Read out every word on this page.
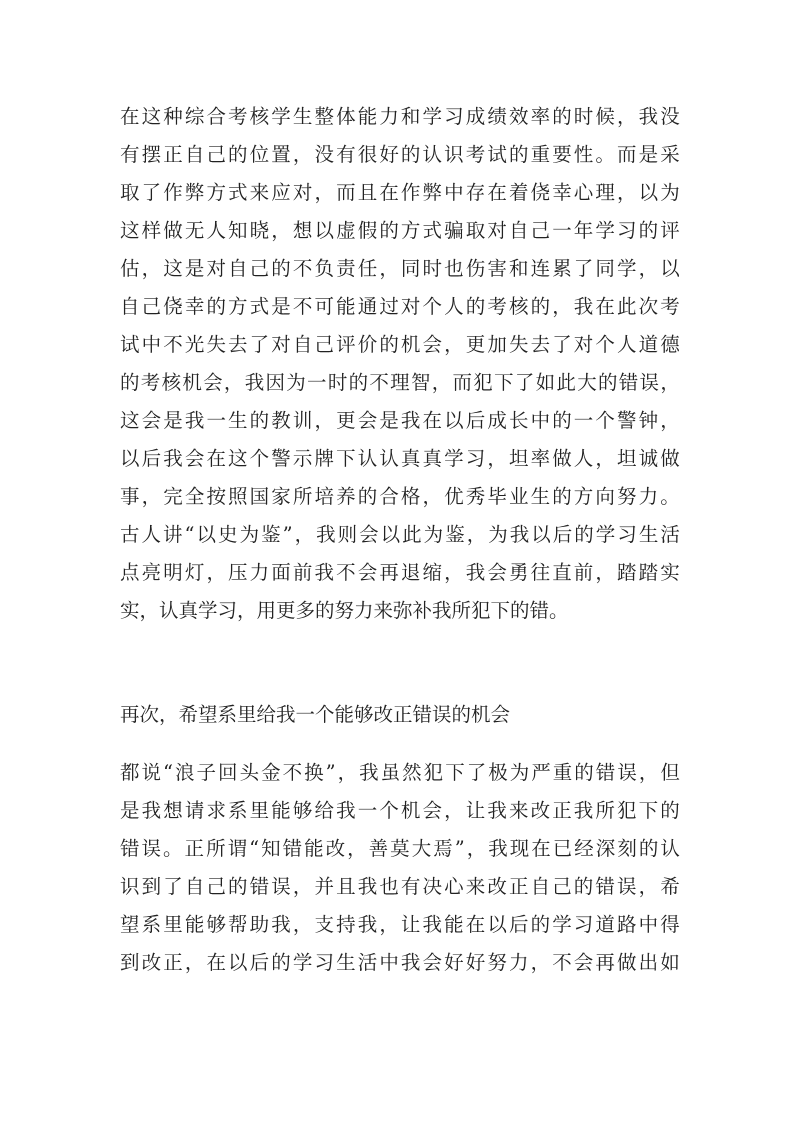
在 这 种 综 合 考 核 学 生 整 体 能 力 和 学 习 成 绩 效 率 的 时 候 ， 我 没
有 摆 正 自 己 的 位 置 ， 没 有 很 好 的 认 识 考 试 的 重 要 性 。 而 是 采
取 了 作 弊 方 式 来 应 对 ， 而 且 在 作 弊 中 存 在 着 侥 幸 心 理 ， 以 为
这 样 做 无 人 知 晓 ， 想 以 虚 假 的 方 式 骗 取 对 自 己 一 年 学 习 的 评
估 ， 这 是 对 自 己 的 不 负 责 任 ， 同 时 也 伤 害 和 连 累 了 同 学 ， 以
自 己 侥 幸 的 方 式 是 不 可 能 通 过 对 个 人 的 考 核 的 ， 我 在 此 次 考
试 中 不 光 失 去 了 对 自 己 评 价 的 机 会 ， 更 加 失 去 了 对 个 人 道 德
的 考 核 机 会 ， 我 因 为 一 时 的 不 理 智 ， 而 犯 下 了 如 此 大 的 错 误 ，
这 会 是 我 一 生 的 教 训 ， 更 会 是 我 在 以 后 成 长 中 的 一 个 警 钟 ，
以 后 我 会 在 这 个 警 示 牌 下 认 认 真 真 学 习 ， 坦 率 做 人 ， 坦 诚 做
事 ， 完 全 按 照 国 家 所 培 养 的 合 格 ， 优 秀 毕 业 生 的 方 向 努 力 。
古 人 讲 “ 以 史 为 鉴 ” ， 我 则 会 以 此 为 鉴 ， 为 我 以 后 的 学 习 生 活
点 亮 明 灯 ， 压 力 面 前 我 不 会 再 退 缩 ， 我 会 勇 往 直 前 ， 踏 踏 实
实，认真学习，用更多的努力来弥补我所犯下的错。
再次，希望系里给我一个能够改正错误的机会
都 说 “ 浪 子 回 头 金 不 换 ” ， 我 虽 然 犯 下 了 极 为 严 重 的 错 误 ， 但
是 我 想 请 求 系 里 能 够 给 我 一 个 机 会 ， 让 我 来 改 正 我 所 犯 下 的
错 误 。 正 所 谓 “ 知 错 能 改 ， 善 莫 大 焉 ” ， 我 现 在 已 经 深 刻 的 认
识 到 了 自 己 的 错 误 ， 并 且 我 也 有 决 心 来 改 正 自 己 的 错 误 ， 希
望 系 里 能 够 帮 助 我 ， 支 持 我 ， 让 我 能 在 以 后 的 学 习 道 路 中 得
到 改 正 ， 在 以 后 的 学 习 生 活 中 我 会 好 好 努 力 ， 不 会 再 做 出 如
